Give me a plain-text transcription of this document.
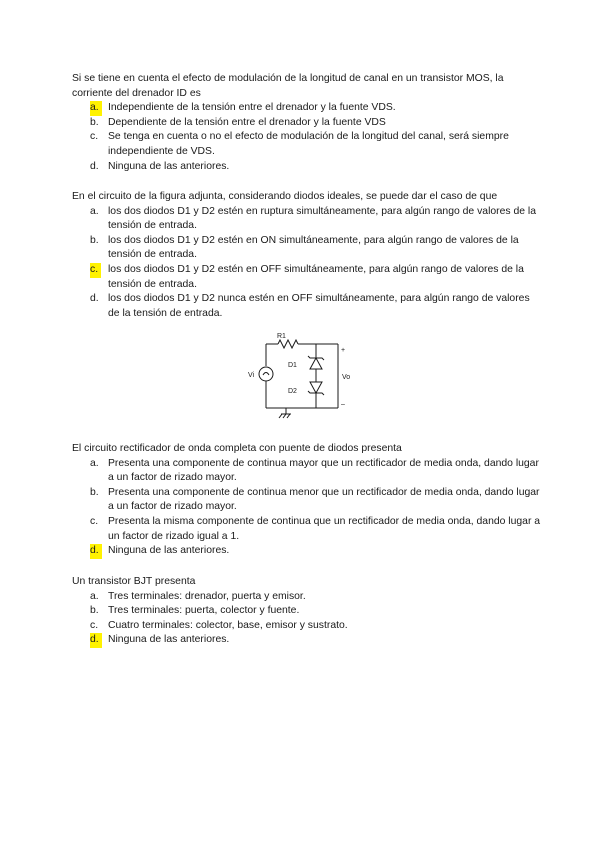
Si se tiene en cuenta el efecto de modulación de la longitud de canal en un transistor MOS, la corriente del drenador ID es

a. Independiente de la tensión entre el drenador y la fuente VDS.
b. Dependiente de la tensión entre el drenador y la fuente VDS
c. Se tenga en cuenta o no el efecto de modulación de la longitud del canal, será siempre independiente de VDS.
d. Ninguna de las anteriores.

En el circuito de la figura adjunta, considerando diodos ideales, se puede dar el caso de que

a. los dos diodos D1 y D2 estén en ruptura simultáneamente, para algún rango de valores de la tensión de entrada.
b. los dos diodos D1 y D2 estén en ON simultáneamente, para algún rango de valores de la tensión de entrada.
c. los dos diodos D1 y D2 estén en OFF simultáneamente, para algún rango de valores de la tensión de entrada.
d. los dos diodos D1 y D2 nunca estén en OFF simultáneamente, para algún rango de valores de la tensión de entrada.
R1
D1
D2
Vi	Vo
+
–

El circuito rectificador de onda completa con puente de diodos presenta

a. Presenta una componente de continua mayor que un rectificador de media onda, dando lugar a un factor de rizado mayor.
b. Presenta una componente de continua menor que un rectificador de media onda, dando lugar a un factor de rizado mayor.
c. Presenta la misma componente de continua que un rectificador de media onda, dando lugar a un factor de rizado igual a 1.
d. Ninguna de las anteriores.

Un transistor BJT presenta

a. Tres terminales: drenador, puerta y emisor.
b. Tres terminales: puerta, colector y fuente.
c. Cuatro terminales: colector, base, emisor y sustrato.
d. Ninguna de las anteriores.
